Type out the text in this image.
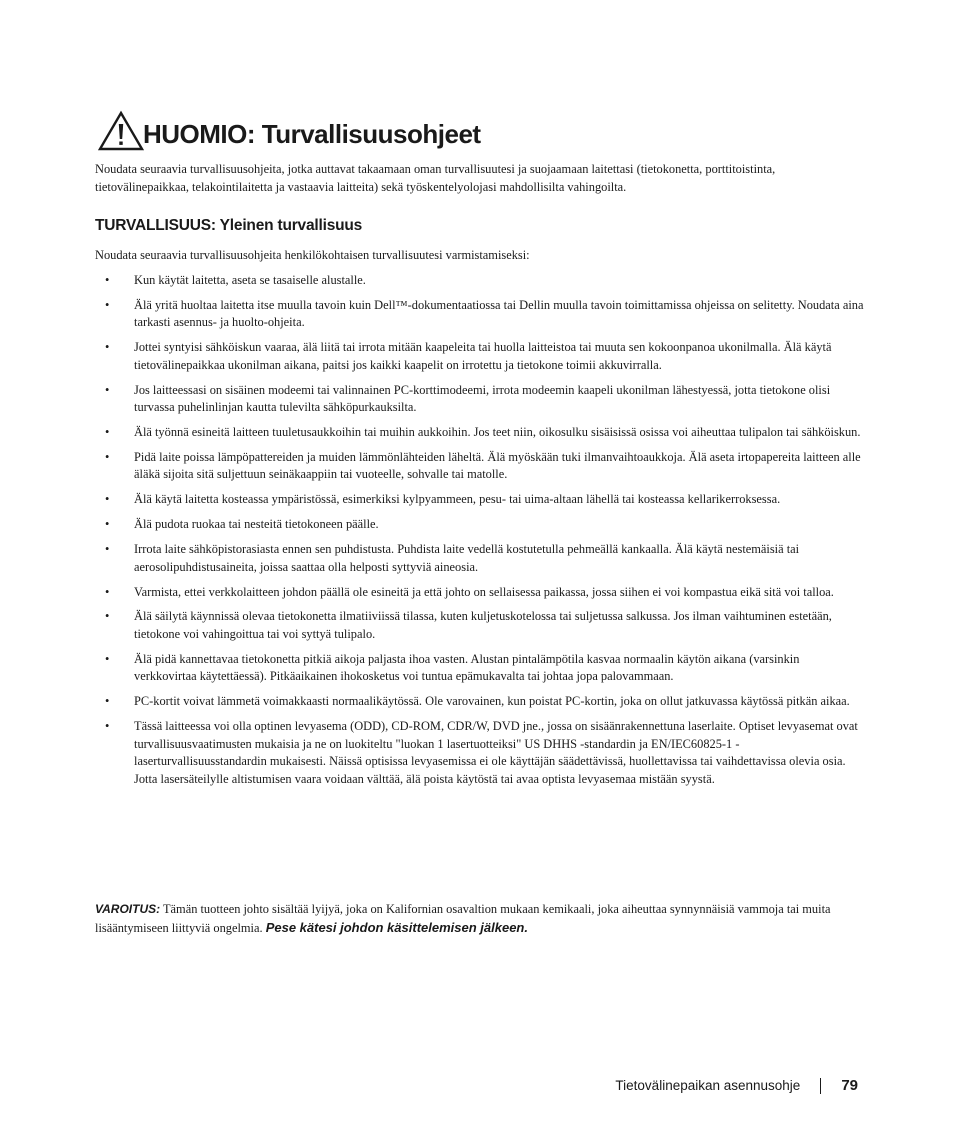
HUOMIO: Turvallisuusohjeet

Noudata seuraavia turvallisuusohjeita, jotka auttavat takaamaan oman turvallisuutesi ja suojaamaan laitettasi (tietokonetta, porttitoistinta, tietovälinepaikkaa, telakointilaitetta ja vastaavia laitteita) sekä työskentelyolojasi mahdollisilta vahingoilta.

TURVALLISUUS: Yleinen turvallisuus

Noudata seuraavia turvallisuusohjeita henkilökohtaisen turvallisuutesi varmistamiseksi:

• Kun käytät laitetta, aseta se tasaiselle alustalle.
• Älä yritä huoltaa laitetta itse muulla tavoin kuin Dell™-dokumentaatiossa tai Dellin muulla tavoin toimittamissa ohjeissa on selitetty. Noudata aina tarkasti asennus- ja huolto-ohjeita.
• Jottei syntyisi sähköiskun vaaraa, älä liitä tai irrota mitään kaapeleita tai huolla laitteistoa tai muuta sen kokoonpanoa ukonilmalla. Älä käytä tietovälinepaikkaa ukonilman aikana, paitsi jos kaikki kaapelit on irrotettu ja tietokone toimii akkuvirralla.
• Jos laitteessasi on sisäinen modeemi tai valinnainen PC-korttimodeemi, irrota modeemin kaapeli ukonilman lähestyessä, jotta tietokone olisi turvassa puhelinlinjan kautta tulevilta sähköpurkauksilta.
• Älä työnnä esineitä laitteen tuuletusaukkoihin tai muihin aukkoihin. Jos teet niin, oikosulku sisäisissä osissa voi aiheuttaa tulipalon tai sähköiskun.
• Pidä laite poissa lämpöpattereiden ja muiden lämmönlähteiden läheltä. Älä myöskään tuki ilmanvaihtoaukkoja. Älä aseta irtopapereita laitteen alle äläkä sijoita sitä suljettuun seinäkaappiin tai vuoteelle, sohvalle tai matolle.
• Älä käytä laitetta kosteassa ympäristössä, esimerkiksi kylpyammeen, pesu- tai uima-altaan lähellä tai kosteassa kellarikerroksessa.
• Älä pudota ruokaa tai nesteitä tietokoneen päälle.
• Irrota laite sähköpistorasiasta ennen sen puhdistusta. Puhdista laite vedellä kostutetulla pehmeällä kankaalla. Älä käytä nestemäisiä tai aerosolipuhdistusaineita, joissa saattaa olla helposti syttyviä aineosia.
• Varmista, ettei verkkolaitteen johdon päällä ole esineitä ja että johto on sellaisessa paikassa, jossa siihen ei voi kompastua eikä sitä voi talloa.
• Älä säilytä käynnissä olevaa tietokonetta ilmatiiviissä tilassa, kuten kuljetuskotelossa tai suljetussa salkussa. Jos ilman vaihtuminen estetään, tietokone voi vahingoittua tai voi syttyä tulipalo.
• Älä pidä kannettavaa tietokonetta pitkiä aikoja paljasta ihoa vasten. Alustan pintalämpötila kasvaa normaalin käytön aikana (varsinkin verkkovirtaa käytettäessä). Pitkäaikainen ihokosketus voi tuntua epämukavalta tai johtaa jopa palovammaan.
• PC-kortit voivat lämmetä voimakkaasti normaalikäytössä. Ole varovainen, kun poistat PC-kortin, joka on ollut jatkuvassa käytössä pitkän aikaa.
• Tässä laitteessa voi olla optinen levyasema (ODD), CD-ROM, CDR/W, DVD jne., jossa on sisäänrakennettuna laserlaite. Optiset levyasemat ovat turvallisuusvaatimusten mukaisia ja ne on luokiteltu "luokan 1 lasertuotteiksi" US DHHS -standardin ja EN/IEC60825-1 -laserturvallisuusstandardin mukaisesti. Näissä optisissa levyasemissa ei ole käyttäjän säädettävissä, huollettavissa tai vaihdettavissa olevia osia. Jotta lasersäteilylle altistumisen vaara voidaan välttää, älä poista käytöstä tai avaa optista levyasemaa mistään syystä.

VAROITUS: Tämän tuotteen johto sisältää lyijyä, joka on Kalifornian osavaltion mukaan kemikaali, joka aiheuttaa synnynnäisiä vammoja tai muita lisääntymiseen liittyviä ongelmia. Pese kätesi johdon käsittelemisen jälkeen.

Tietovälinepaikan asennusohje	79
